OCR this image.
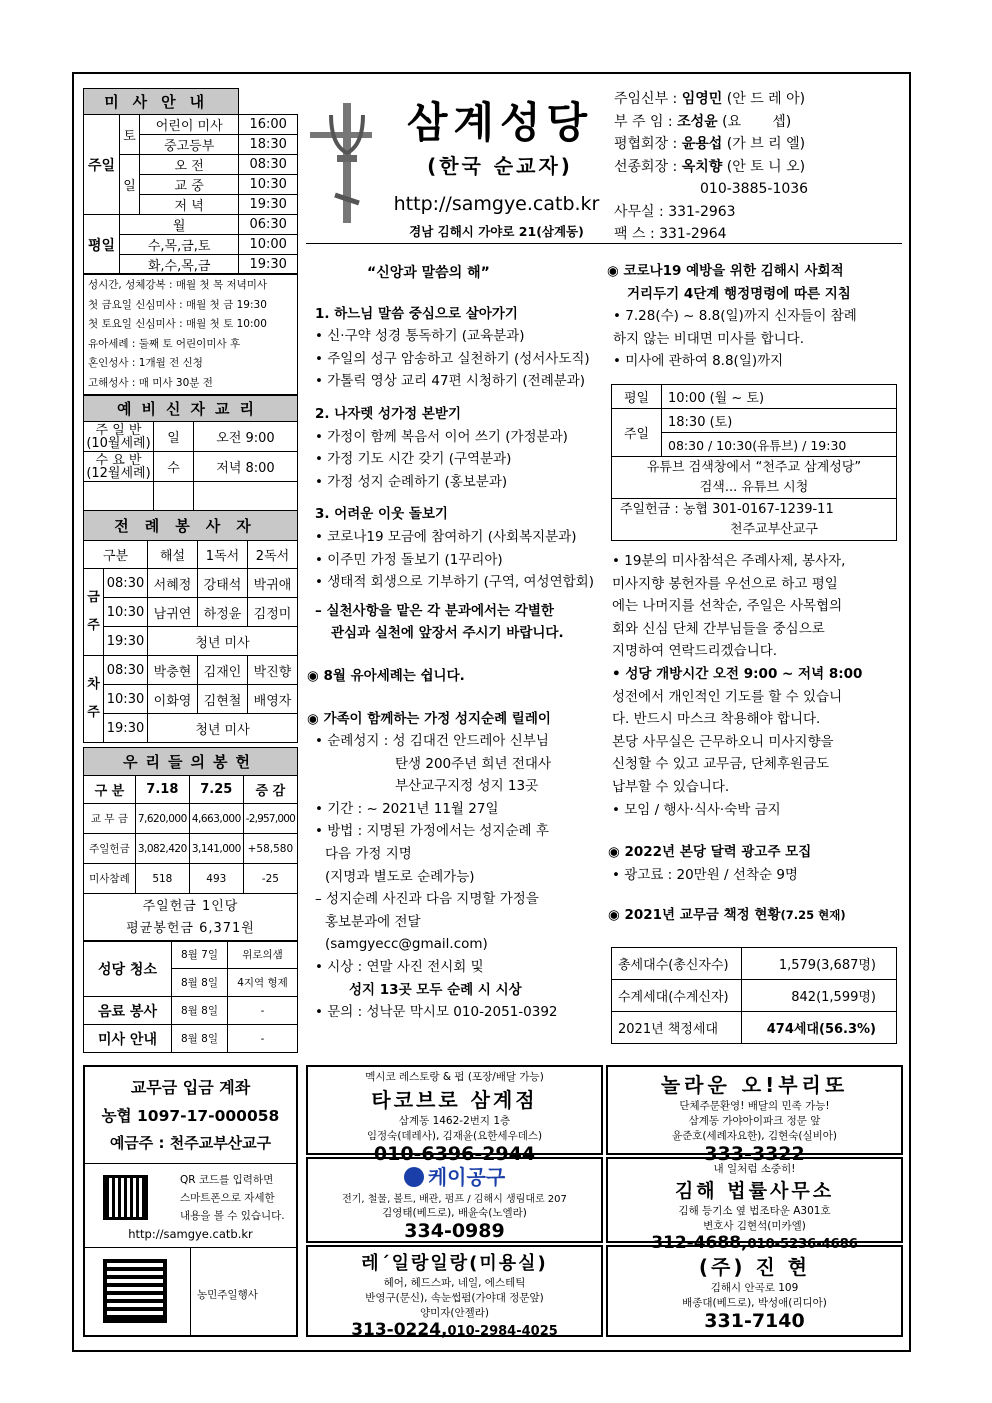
미사안내			
주일	토	어린이 미사	16:00
		중고등부	18:30
	일	오 전	08:30
		교 중	10:30
		저 녁	19:30
평일	월		06:30
	수,목,금,토		10:00
	화,수,목,금		19:30
성시간, 성체강복 : 매월 첫 목 저녁미사
첫 금요일 신심미사 : 매월 첫 금 19:30
첫 토요일 신심미사 : 매월 첫 토 10:00
유아세례 : 둘째 토 어린이미사 후
혼인성사 : 1개월 전 신청
고해성사 : 매 미사 30분 전
예비신자교리		
주 일 반
(10월세례)	일	오전 9:00
수 요 반
(12월세례)	수	저녁 8:00

전례봉사자				
구분		해설	1독서	2독서
금주	08:30	서혜정	강태석	박귀애
	10:30	남귀연	하정윤	김정미
	19:30	청년 미사		
차주	08:30	박충현	김재인	박진향
	10:30	이화영	김현철	배영자
	19:30	청년 미사		
우리들의봉헌			
구 분	7.18	7.25	증 감
교 무 금	7,620,000	4,663,000	-2,957,000
주일헌금	3,082,420	3,141,000	+58,580
미사참례	518	493	-25

주일헌금 1인당
평균봉헌금 6,371원			
성당 청소	8월 7일	위로의샘
	8월 8일	4지역 형제
음료 봉사	8월 8일	-
미사 안내	8월 8일	-
삼계성당
(한국 순교자)
http://samgye.catb.kr
경남 김해시 가야로 21(삼계동)
주임신부 : 임영민 (안 드 레 아)
부 주 임 : 조성윤 (요       셉)
평협회장 : 윤용섭 (가 브 리 엘)
선종회장 : 옥치향 (안 토 니 오)
010-3885-1036
사무실 : 331-2963
팩 스 : 331-2964
“신앙과 말씀의 해”
1. 하느님 말씀 중심으로 살아가기
• 신·구약 성경 통독하기 (교육분과)
• 주일의 성구 암송하고 실천하기 (성서사도직)
• 가톨릭 영상 교리 47편 시청하기 (전례분과)
2. 나자렛 성가정 본받기
• 가정이 함께 복음서 이어 쓰기 (가정분과)
• 가정 기도 시간 갖기 (구역분과)
• 가정 성지 순례하기 (홍보분과)
3. 어려운 이웃 돌보기
• 코로나19 모금에 참여하기 (사회복지분과)
• 이주민 가정 돌보기 (1꾸리아)
• 생태적 회생으로 기부하기 (구역, 여성연합회)
– 실천사항을 맡은 각 분과에서는 각별한
관심과 실천에 앞장서 주시기 바랍니다.
◉ 8월 유아세례는 쉽니다.
◉ 가족이 함께하는 가정 성지순례 릴레이
• 순례성지 : 성 김대건 안드레아 신부님
탄생 200주년 희년 전대사
부산교구지정 성지 13곳
• 기간 : ~ 2021년 11월 27일
• 방법 : 지명된 가정에서는 성지순례 후
다음 가정 지명
(지명과 별도로 순례가능)
– 성지순례 사진과 다음 지명할 가정을
홍보분과에 전달
(samgyecc@gmail.com)
• 시상 : 연말 사진 전시회 및
성지 13곳 모두 순례 시 시상
• 문의 : 성낙문 막시모 010-2051-0392
◉ 코로나19 예방을 위한 김해시 사회적
거리두기 4단계 행정명령에 따른 지침
• 7.28(수) ~ 8.8(일)까지 신자들이 참례
하지 않는 비대면 미사를 합니다.
• 미사에 관하여 8.8(일)까지
평일	10:00 (월 ~ 토)
주일	18:30 (토)
	08:30 / 10:30(유튜브) / 19:30

유튜브 검색창에서 “천주교 삼계성당”
검색... 유튜브 시청	

주일헌금 : 농협 301-0167-1239-11
천주교부산교구	
• 19분의 미사참석은 주례사제, 봉사자,
미사지향 봉헌자를 우선으로 하고 평일
에는 나머지를 선착순, 주일은 사목협의
회와 신심 단체 간부님들을 중심으로
지명하여 연락드리겠습니다.
• 성당 개방시간 오전 9:00 ~ 저녁 8:00
성전에서 개인적인 기도를 할 수 있습니
다. 반드시 마스크 착용해야 합니다.
본당 사무실은 근무하오니 미사지향을
신청할 수 있고 교무금, 단체후원금도
납부할 수 있습니다.
• 모임 / 행사·식사·숙박 금지
◉ 2022년 본당 달력 광고주 모집
• 광고료 : 20만원 / 선착순 9명
◉ 2021년 교무금 책정 현황(7.25 현재)
총세대수(총신자수)	1,579(3,687명)
수계세대(수계신자)	842(1,599명)
2021년 책정세대	474세대(56.3%)
교무금 입금 계좌
농협 1097-17-000058
예금주 : 천주교부산교구
QR 코드를 입력하면
스마트폰으로 자세한
내용을 볼 수 있습니다.
http://samgye.catb.kr
농민주일행사
멕시코 레스토랑 & 펍 (포장/배달 가능)
타코브로 삼계점
삼계동 1462-2번지 1층
임정숙(데레사), 김재윤(요한세우데스)
010-6396-2944
놀라운 오!부리또
단체주문환영! 배달의 민족 가능!
삼계동 가야아이파크 정문 앞
윤준호(세례자요한), 김현숙(실비아)
333-3322
케이공구
전기, 철물, 볼트, 배관, 펌프 / 김해시 생림대로 207
김영태(베드로), 배윤숙(노엘라)
334-0989
내 일처럼 소중히!
김해 법률사무소
김해 등기소 옆 법조타운 A301호
변호사 김현석(미카엘)
312-4688,010-5236-4686
레´일랑일랑(미용실)
헤어, 헤드스파, 네일, 에스테틱
반영구(문신), 속눈썹펌(가야대 정문앞)
양미자(안젤라)
313-0224,010-2984-4025
(주) 진 현
김해시 안곡로 109
배종대(베드로), 박성애(리디아)
331-7140
